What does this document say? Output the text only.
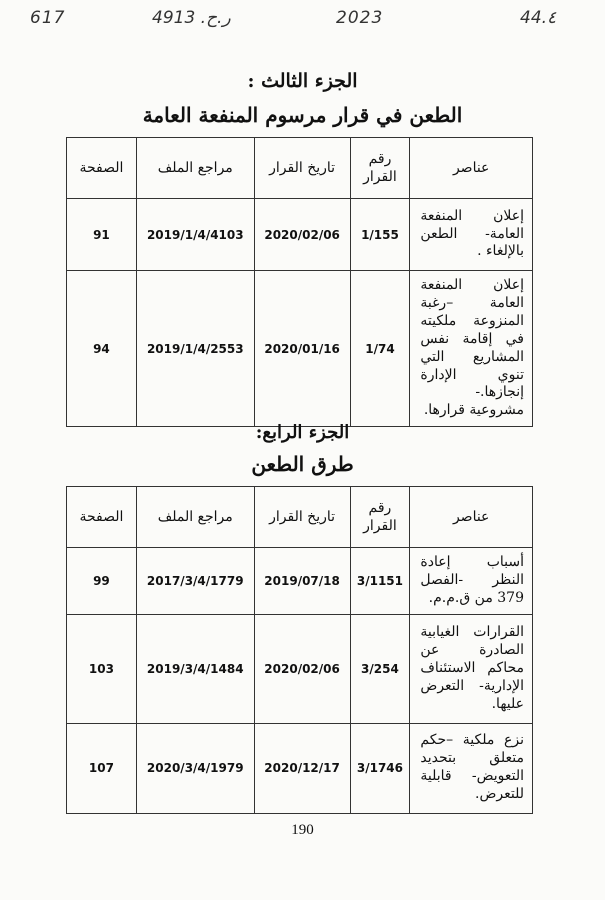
617	ر.ح. 4913	2023	44.٤
الجزء الثالث :
الطعن في قرار مرسوم المنفعة العامة
عناصر	رقم القرار	تاريخ القرار	مراجع الملف	الصفحة
إعلان المنفعة العامة- الطعن بالإلغاء .	1/155	2020/02/06	2019/1/4/4103	91
إعلان المنفعة العامة –رغبة المنزوعة ملكيته في إقامة نفس المشاريع التي تنوي الإدارة إنجازها.- مشروعية قرارها.	1/74	2020/01/16	2019/1/4/2553	94
الجزء الرابع:
طرق الطعن
عناصر	رقم القرار	تاريخ القرار	مراجع الملف	الصفحة
أسباب إعادة النظر -الفصل 379 من ق.م.م.	3/1151	2019/07/18	2017/3/4/1779	99
القرارات الغيابية الصادرة عن محاكم الاستئناف الإدارية- التعرض عليها.	3/254	2020/02/06	2019/3/4/1484	103
نزع ملكية –حكم متعلق بتحديد التعويض- قابلية للتعرض.	3/1746	2020/12/17	2020/3/4/1979	107
190
